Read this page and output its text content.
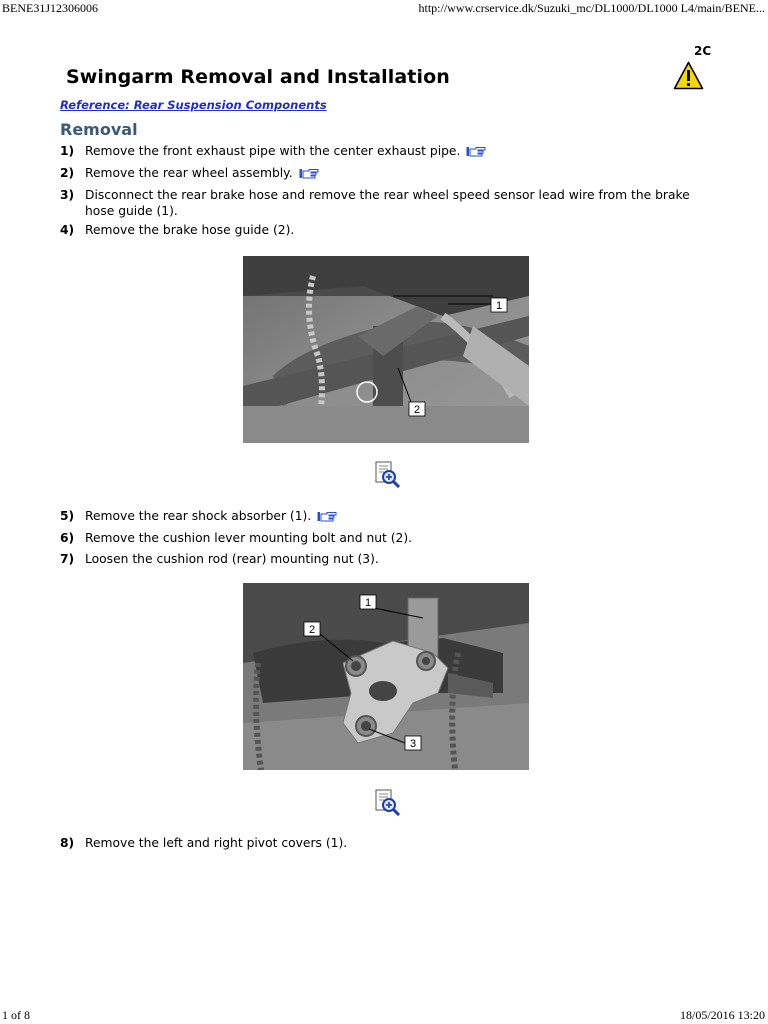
BENE31J12306006	http://www.crservice.dk/Suzuki_mc/DL1000/DL1000 L4/main/BENE...
2C
Swingarm Removal and Installation
Reference: Rear Suspension Components
Removal
1) Remove the front exhaust pipe with the center exhaust pipe.
2) Remove the rear wheel assembly.
3) Disconnect the rear brake hose and remove the rear wheel speed sensor lead wire from the brake hose guide (1).
4) Remove the brake hose guide (2).
1
2
5) Remove the rear shock absorber (1).
6) Remove the cushion lever mounting bolt and nut (2).
7) Loosen the cushion rod (rear) mounting nut (3).
1
2
3
8) Remove the left and right pivot covers (1).
1 of 8	18/05/2016 13:20
